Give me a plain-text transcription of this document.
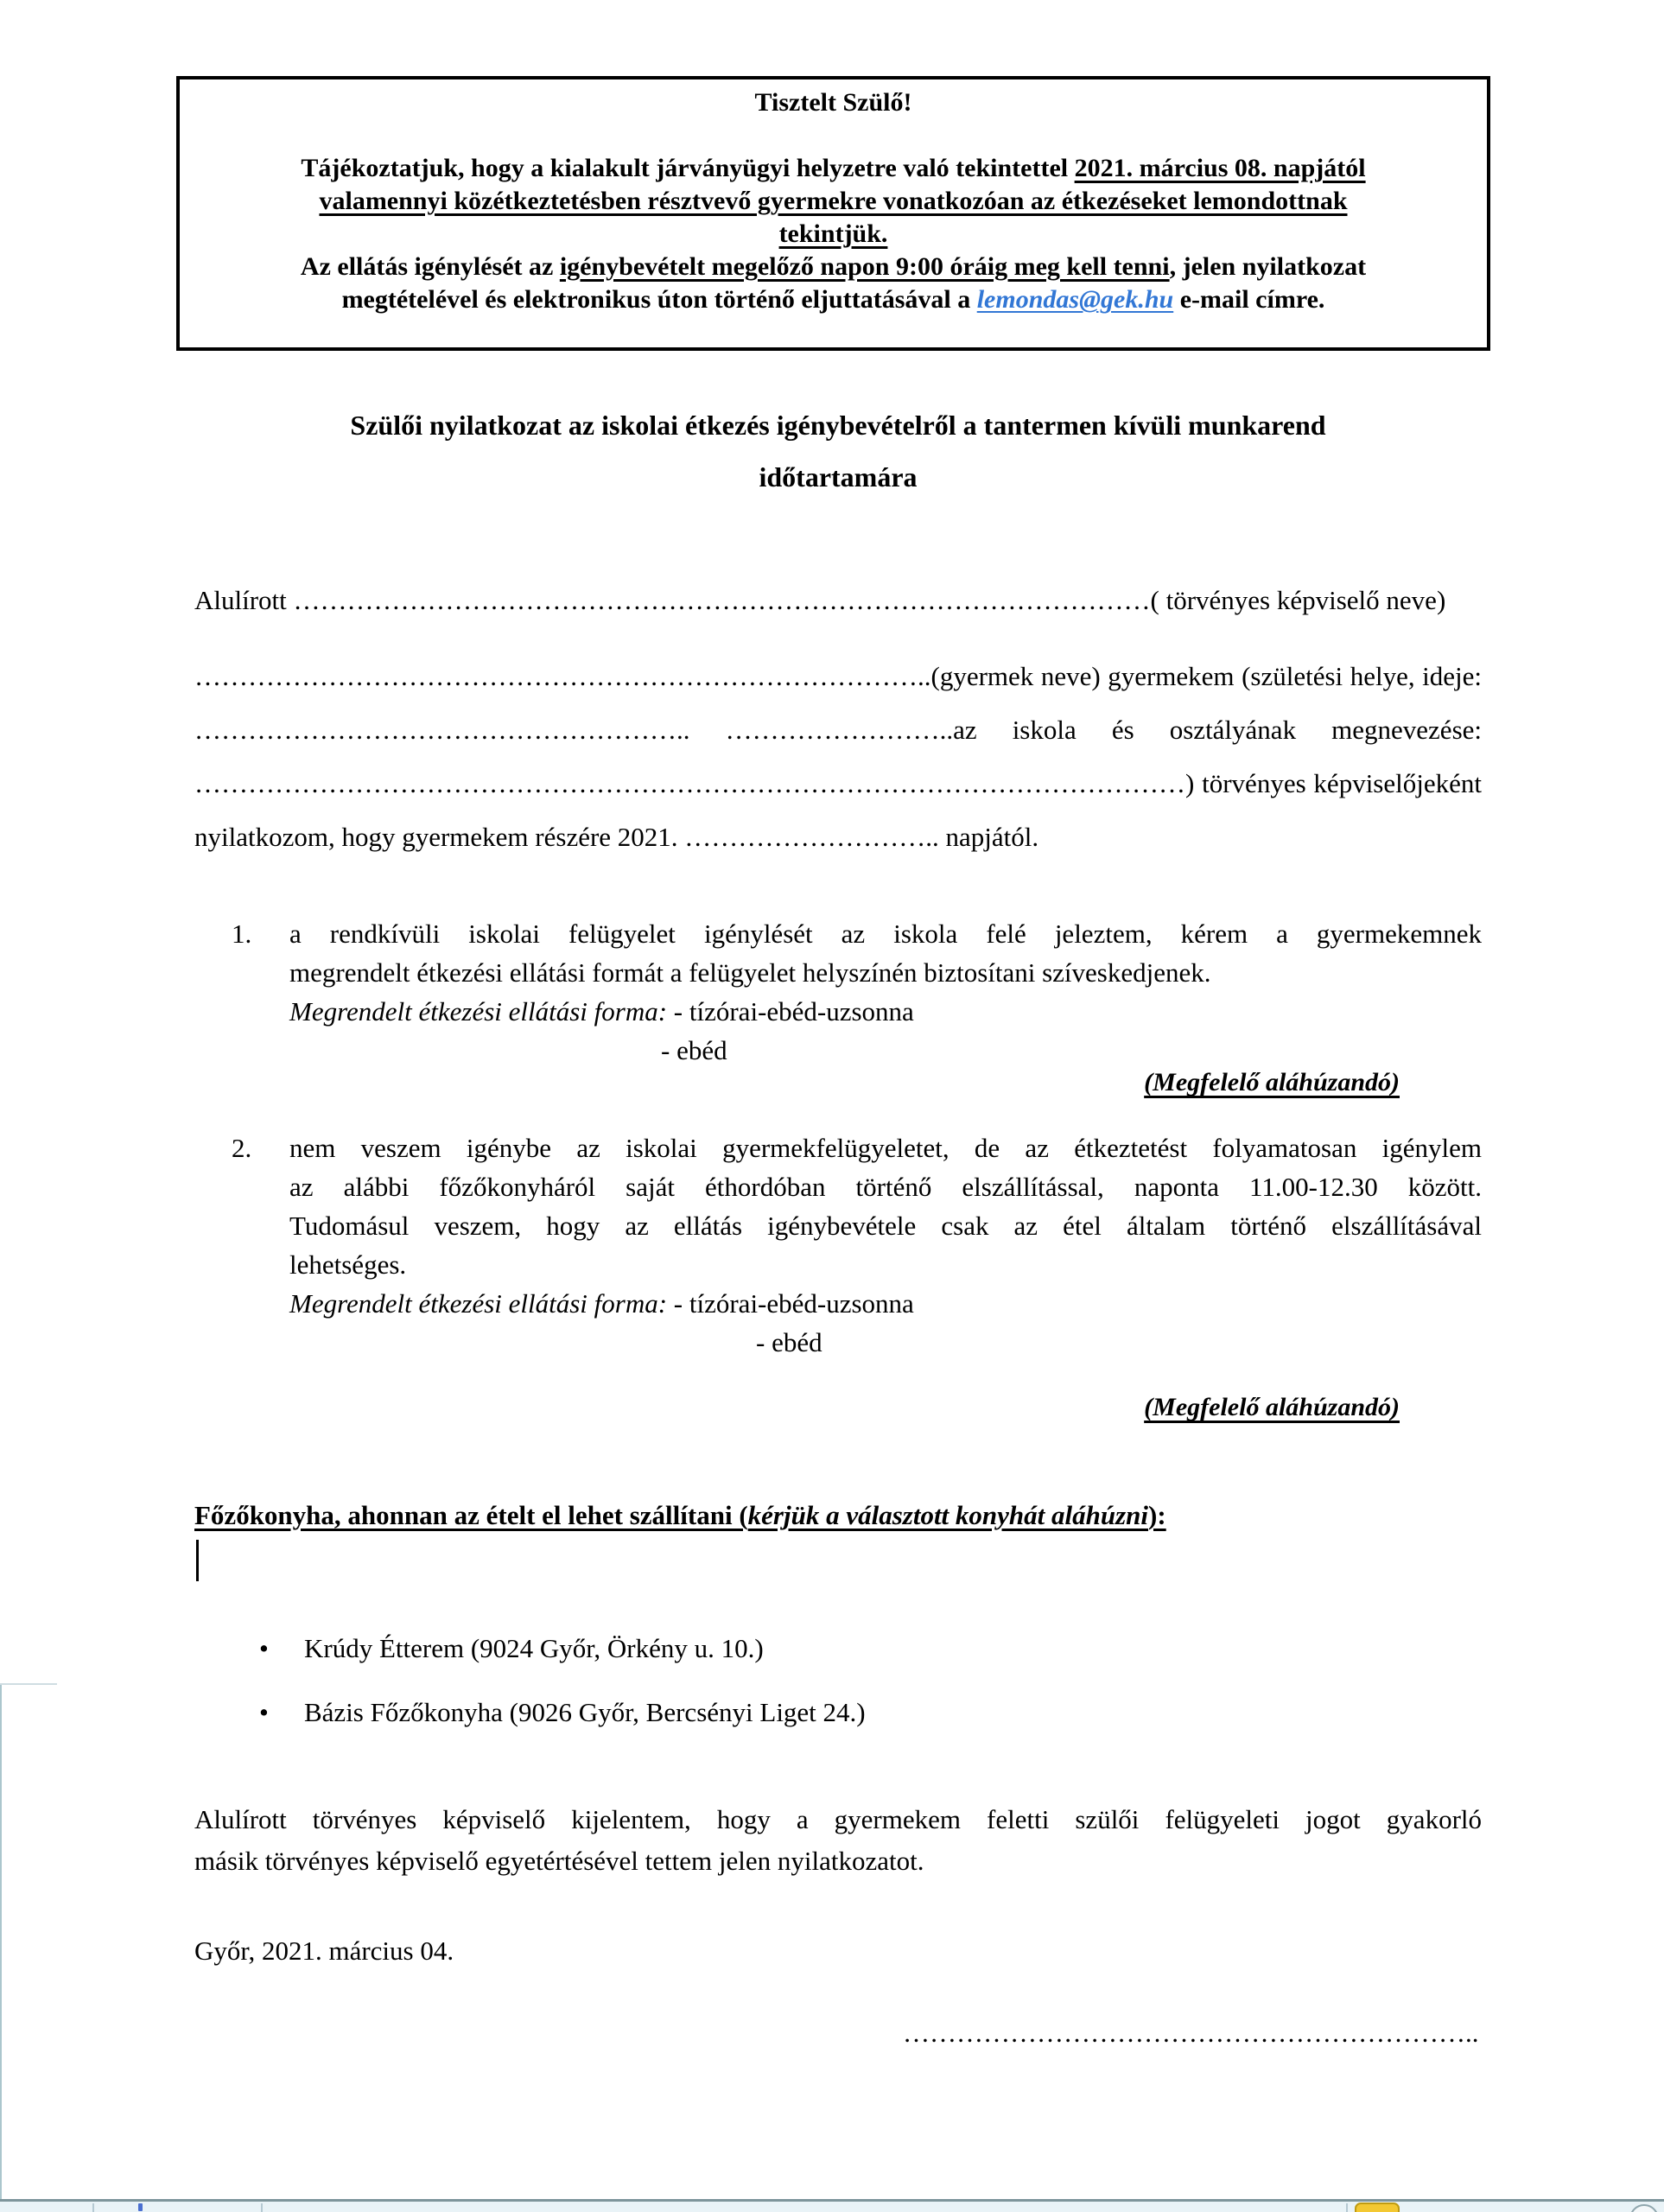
Tisztelt Szülő!
Tájékoztatjuk, hogy a kialakult járványügyi helyzetre való tekintettel 2021. március 08. napjától
valamennyi közétkeztetésben résztvevő gyermekre vonatkozóan az étkezéseket lemondottnak
tekintjük.
Az ellátás igénylését az igénybevételt megelőző napon 9:00 óráig meg kell tenni, jelen nyilatkozat
megtételével és elektronikus úton történő eljuttatásával a lemondas@gek.hu e-mail címre.
Szülői nyilatkozat az iskolai étkezés igénybevételről a tantermen kívüli munkarend
időtartamára
Alulírott ……………………………………………………………………………………( törvényes képviselő neve)
………………………………………………………………………..(gyermek neve) gyermekem (születési helye, ideje:
……………………………………………….. ……………………..az iskola és osztályának megnevezése:
…………………………………………………………………………………………………) törvényes képviselőjeként
nyilatkozom, hogy gyermekem részére 2021. ……………………….. napjától.
1.	a rendkívüli iskolai felügyelet igénylését az iskola felé jeleztem, kérem a gyermekemnek
megrendelt étkezési ellátási formát a felügyelet helyszínén biztosítani szíveskedjenek.
Megrendelt étkezési ellátási forma: - tízórai-ebéd-uzsonna
- ebéd
(Megfelelő aláhúzandó)
2.	nem veszem igénybe az iskolai gyermekfelügyeletet, de az étkeztetést folyamatosan igénylem
az alábbi főzőkonyháról saját éthordóban történő elszállítással, naponta 11.00-12.30 között.
Tudomásul veszem, hogy az ellátás igénybevétele csak az étel általam történő elszállításával
lehetséges.
Megrendelt étkezési ellátási forma: - tízórai-ebéd-uzsonna
- ebéd
(Megfelelő aláhúzandó)
Főzőkonyha, ahonnan az ételt el lehet szállítani (kérjük a választott konyhát aláhúzni):
•	Krúdy Étterem (9024 Győr, Örkény u. 10.)
•	Bázis Főzőkonyha (9026 Győr, Bercsényi Liget 24.)
Alulírott törvényes képviselő kijelentem, hogy a gyermekem feletti szülői felügyeleti jogot gyakorló
másik törvényes képviselő egyetértésével tettem jelen nyilatkozatot.
Győr, 2021. március 04.
………………………………………………………..
